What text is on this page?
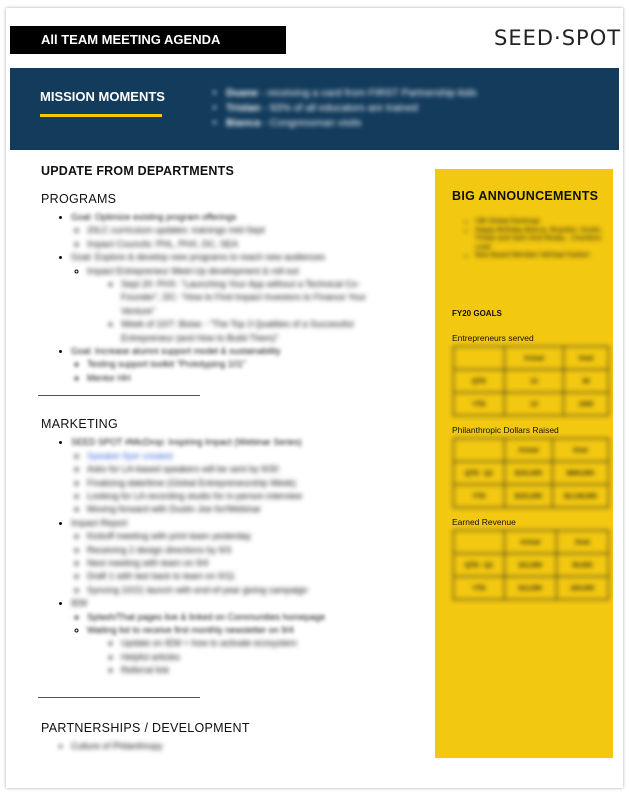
All TEAM MEETING AGENDA	SEED·SPOT
MISSION MOMENTS	• Duane - receiving a card from FIRST Partnership kids
• Tristan - 93% of all educators are trained
• Bianca - Congressman visits

UPDATE FROM DEPARTMENTS

PROGRAMS

• Goal: Optimize existing program offerings
◦ 20LC curriculum updates: trainings mid-Sept
◦ Impact Councils: PHL, PHX, DC, SEA
• Goal: Explore & develop new programs to reach new audiences
◦ Impact Entrepreneur Meet-Up development & roll-out
▪ Sept 20: PHX- "Launching Your App without a Technical Co-Founder", DC- "How to Find Impact Investors to Finance Your Venture"
▪ Week of 10/7: Boise - "The Top 3 Qualities of a Successful Entrepreneur (and How to Build Them)"
• Goal: Increase alumni support model & sustainability
◦ Testing support toolkit "Prototyping 101"
◦ Mentor HH

MARKETING

• SEED SPOT #MicDrop: Inspiring Impact (Webinar Series)
◦ Speaker flyer created
◦ Asks for LA-based speakers will be sent by 9/30
◦ Finalizing date/time (Global Entrepreneurship Week)
◦ Looking for LA recording studio for in-person interview
◦ Moving forward with Dustin Joe for/Webinar
• Impact Report
◦ Kickoff meeting with print team yesterday
◦ Receiving 2 design directions by 9/3
◦ Next meeting with team on 9/4
◦ Draft 1 with last back to team on 9/11
◦ Syncing 10/21 launch with end-of-year giving campaign
• IEM
◦ Splash/That pages live & linked on Communities homepage
◦ Waiting list to receive first monthly newsletter on 9/4
▪ Update on IEM + how to activate ecosystem
▪ Helpful articles
▪ Referral link

PARTNERSHIPS / DEVELOPMENT

• Culture of Philanthropy
BIG ANNOUNCEMENTS
• UBI Global Rankings
• Happy Birthday Bianca, Brandon, Dustin, Tristan and Sam! And Ready... Countess Lead
• New Board Member! Michael Farber!
FY20 GOALS
Entrepreneurs served
	Actual	Goal
QTD	13	45
YTD	13	1000
Philanthropic Dollars Raised
	Actual	Goal
QTD - Q1	$101,000	$600,000
YTD	$101,000	$2,136,000
Earned Revenue
	Actual	Goal
QTD - Q1	$11,650	50,000
YTD	$11,650	220,000
